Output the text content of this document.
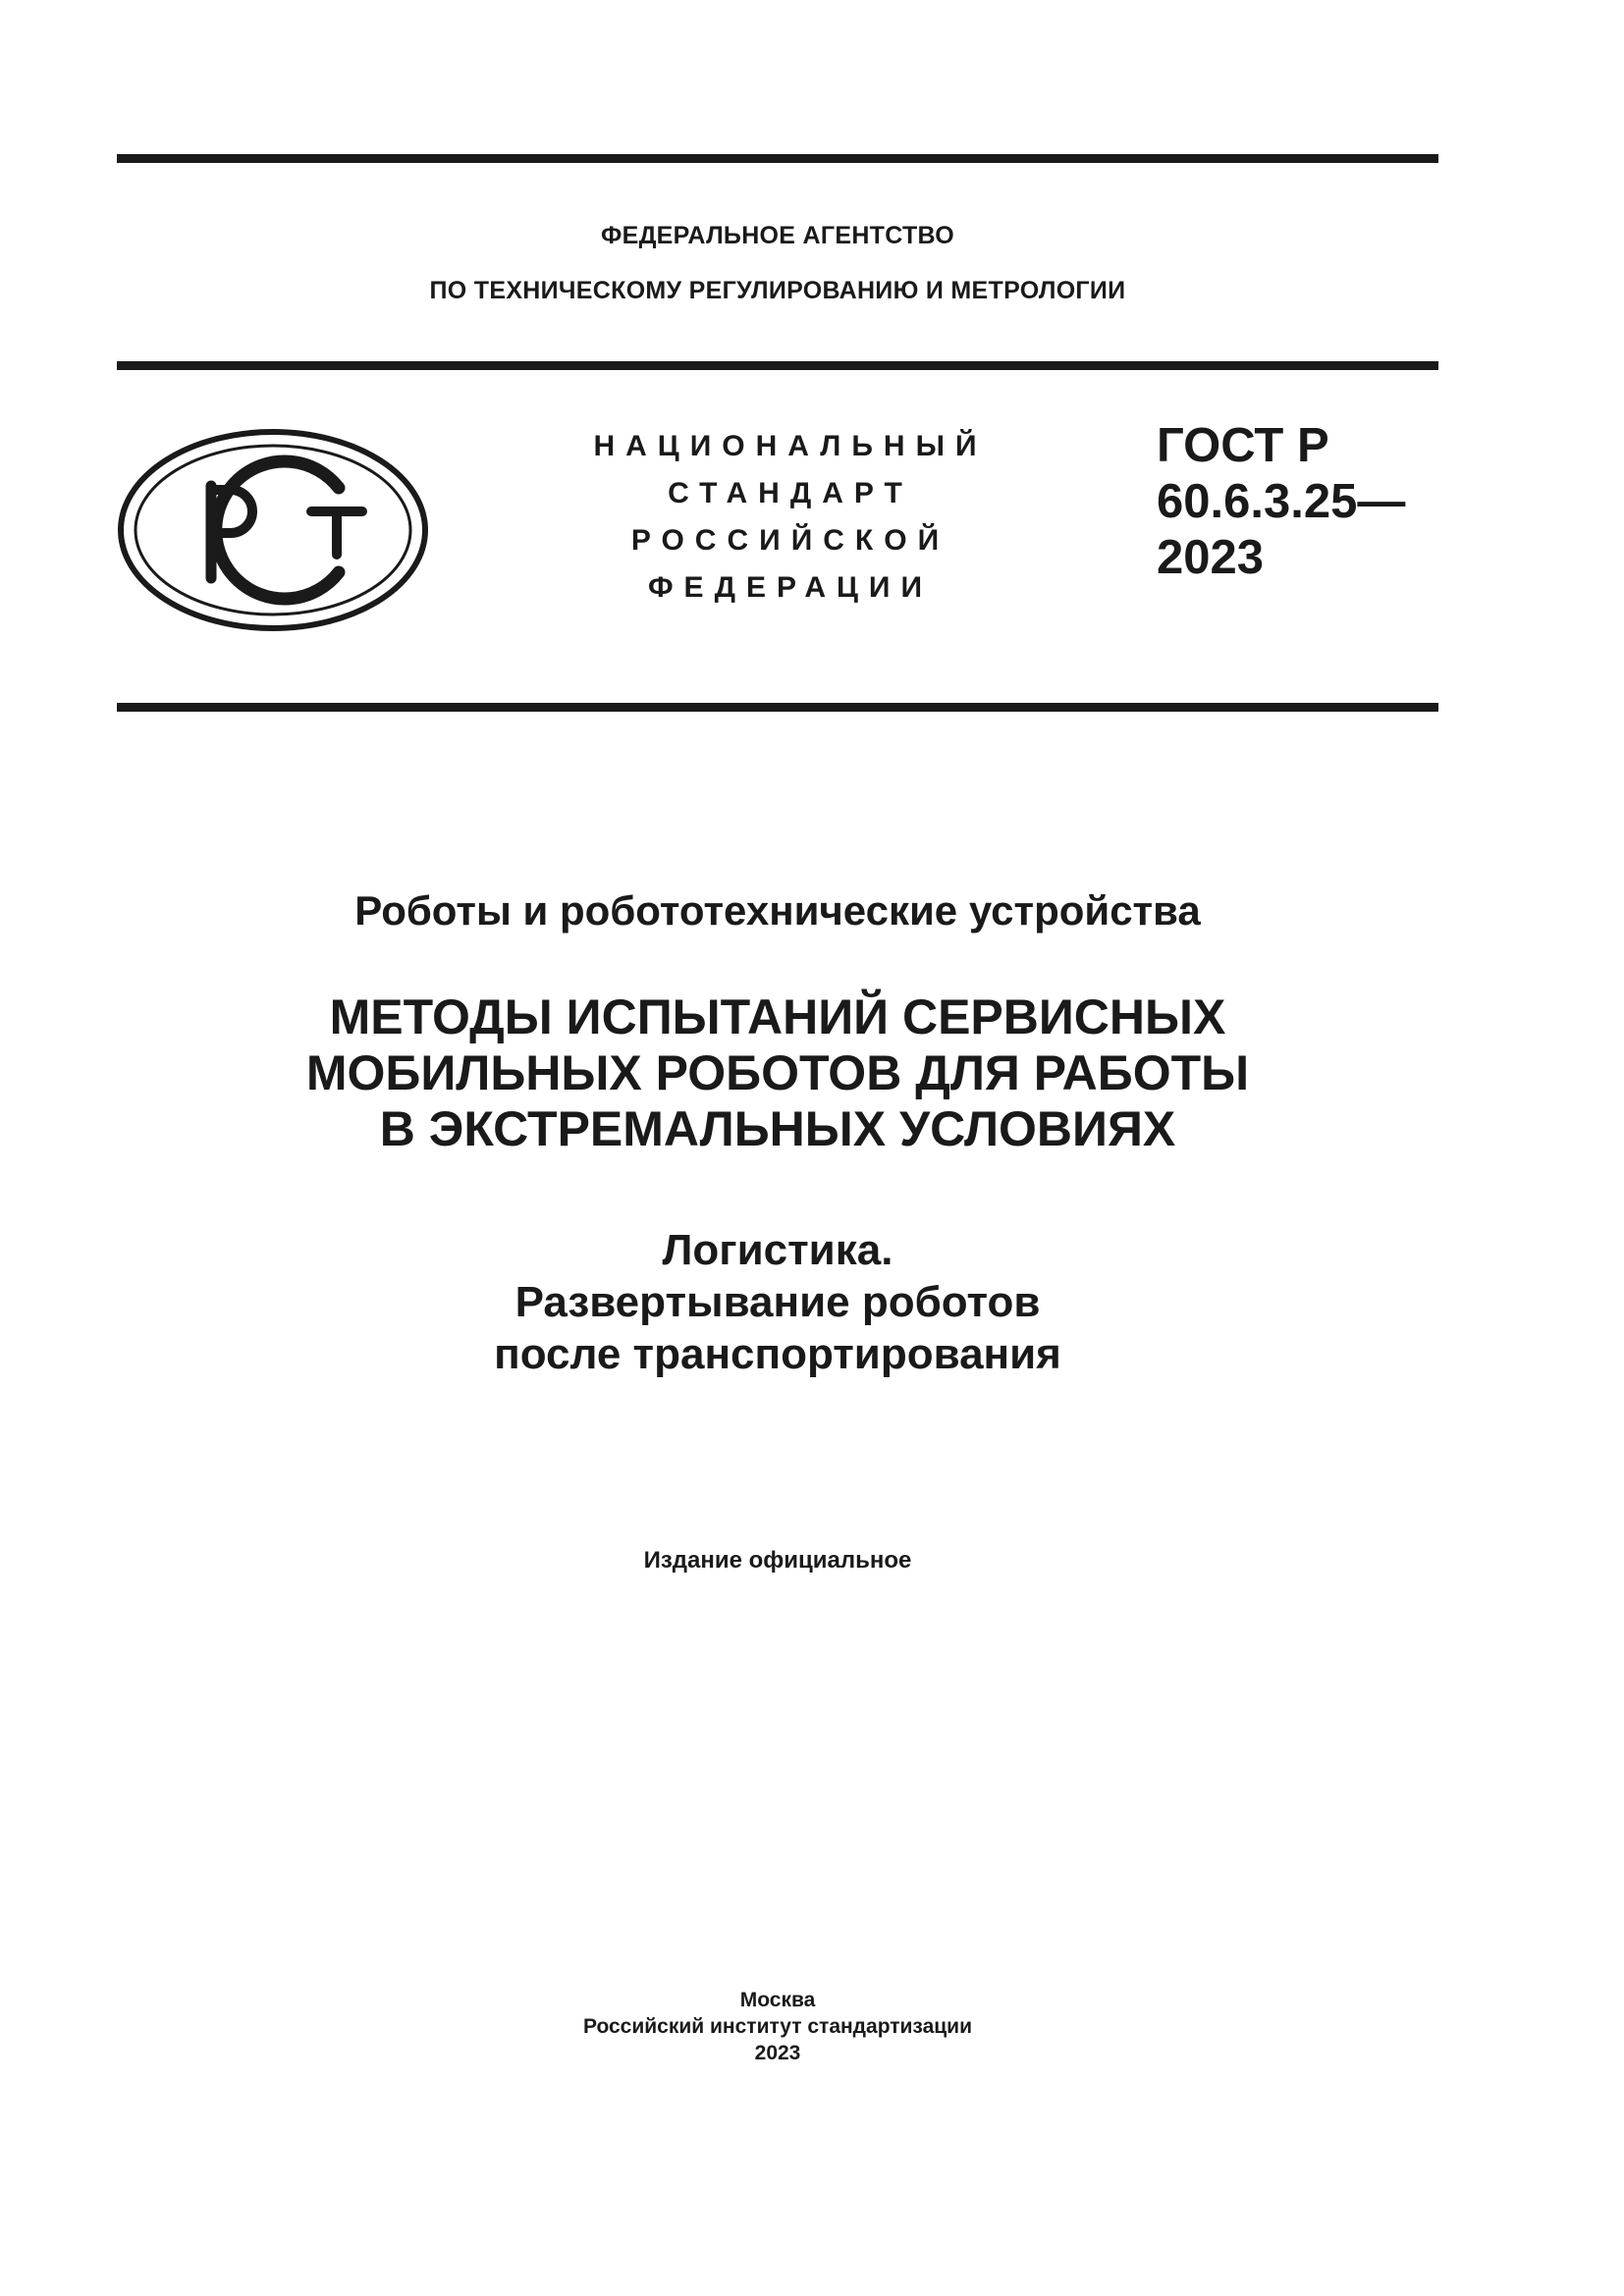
ФЕДЕРАЛЬНОЕ АГЕНТСТВО
ПО ТЕХНИЧЕСКОМУ РЕГУЛИРОВАНИЮ И МЕТРОЛОГИИ
НАЦИОНАЛЬНЫЙ
СТАНДАРТ
РОССИЙСКОЙ
ФЕДЕРАЦИИ
ГОСТ Р
60.6.3.25—
2023
Роботы и робототехнические устройства
МЕТОДЫ ИСПЫТАНИЙ СЕРВИСНЫХ
МОБИЛЬНЫХ РОБОТОВ ДЛЯ РАБОТЫ
В ЭКСТРЕМАЛЬНЫХ УСЛОВИЯХ
Логистика.
Развертывание роботов
после транспортирования
Издание официальное
Москва
Российский институт стандартизации
2023
